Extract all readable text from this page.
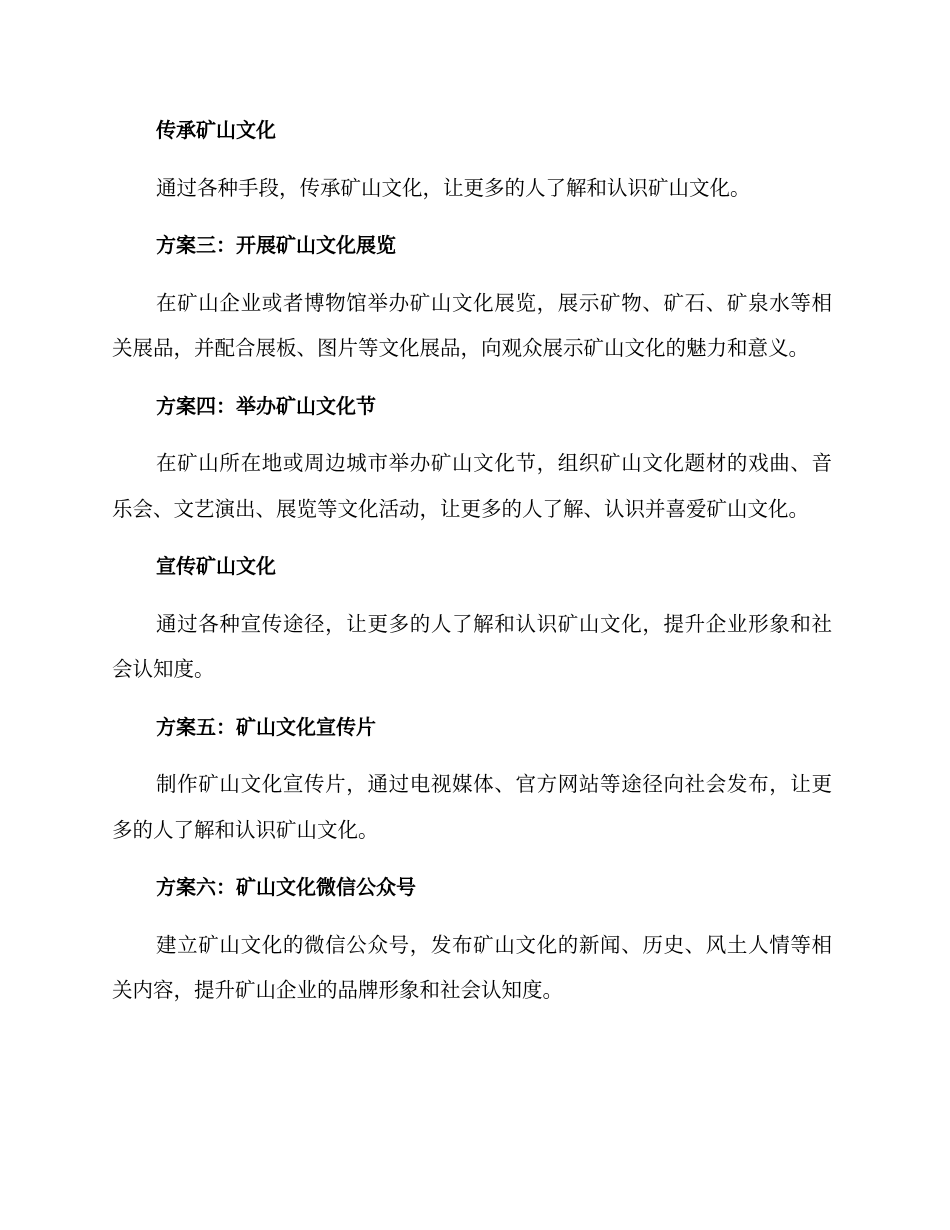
传承矿山文化
通过各种手段，传承矿山文化，让更多的人了解和认识矿山文化。
方案三：开展矿山文化展览
在矿山企业或者博物馆举办矿山文化展览，展示矿物、矿石、矿泉水等相关展品，并配合展板、图片等文化展品，向观众展示矿山文化的魅力和意义。
方案四：举办矿山文化节
在矿山所在地或周边城市举办矿山文化节，组织矿山文化题材的戏曲、音乐会、文艺演出、展览等文化活动，让更多的人了解、认识并喜爱矿山文化。
宣传矿山文化
通过各种宣传途径，让更多的人了解和认识矿山文化，提升企业形象和社会认知度。
方案五：矿山文化宣传片
制作矿山文化宣传片，通过电视媒体、官方网站等途径向社会发布，让更多的人了解和认识矿山文化。
方案六：矿山文化微信公众号
建立矿山文化的微信公众号，发布矿山文化的新闻、历史、风土人情等相关内容，提升矿山企业的品牌形象和社会认知度。
